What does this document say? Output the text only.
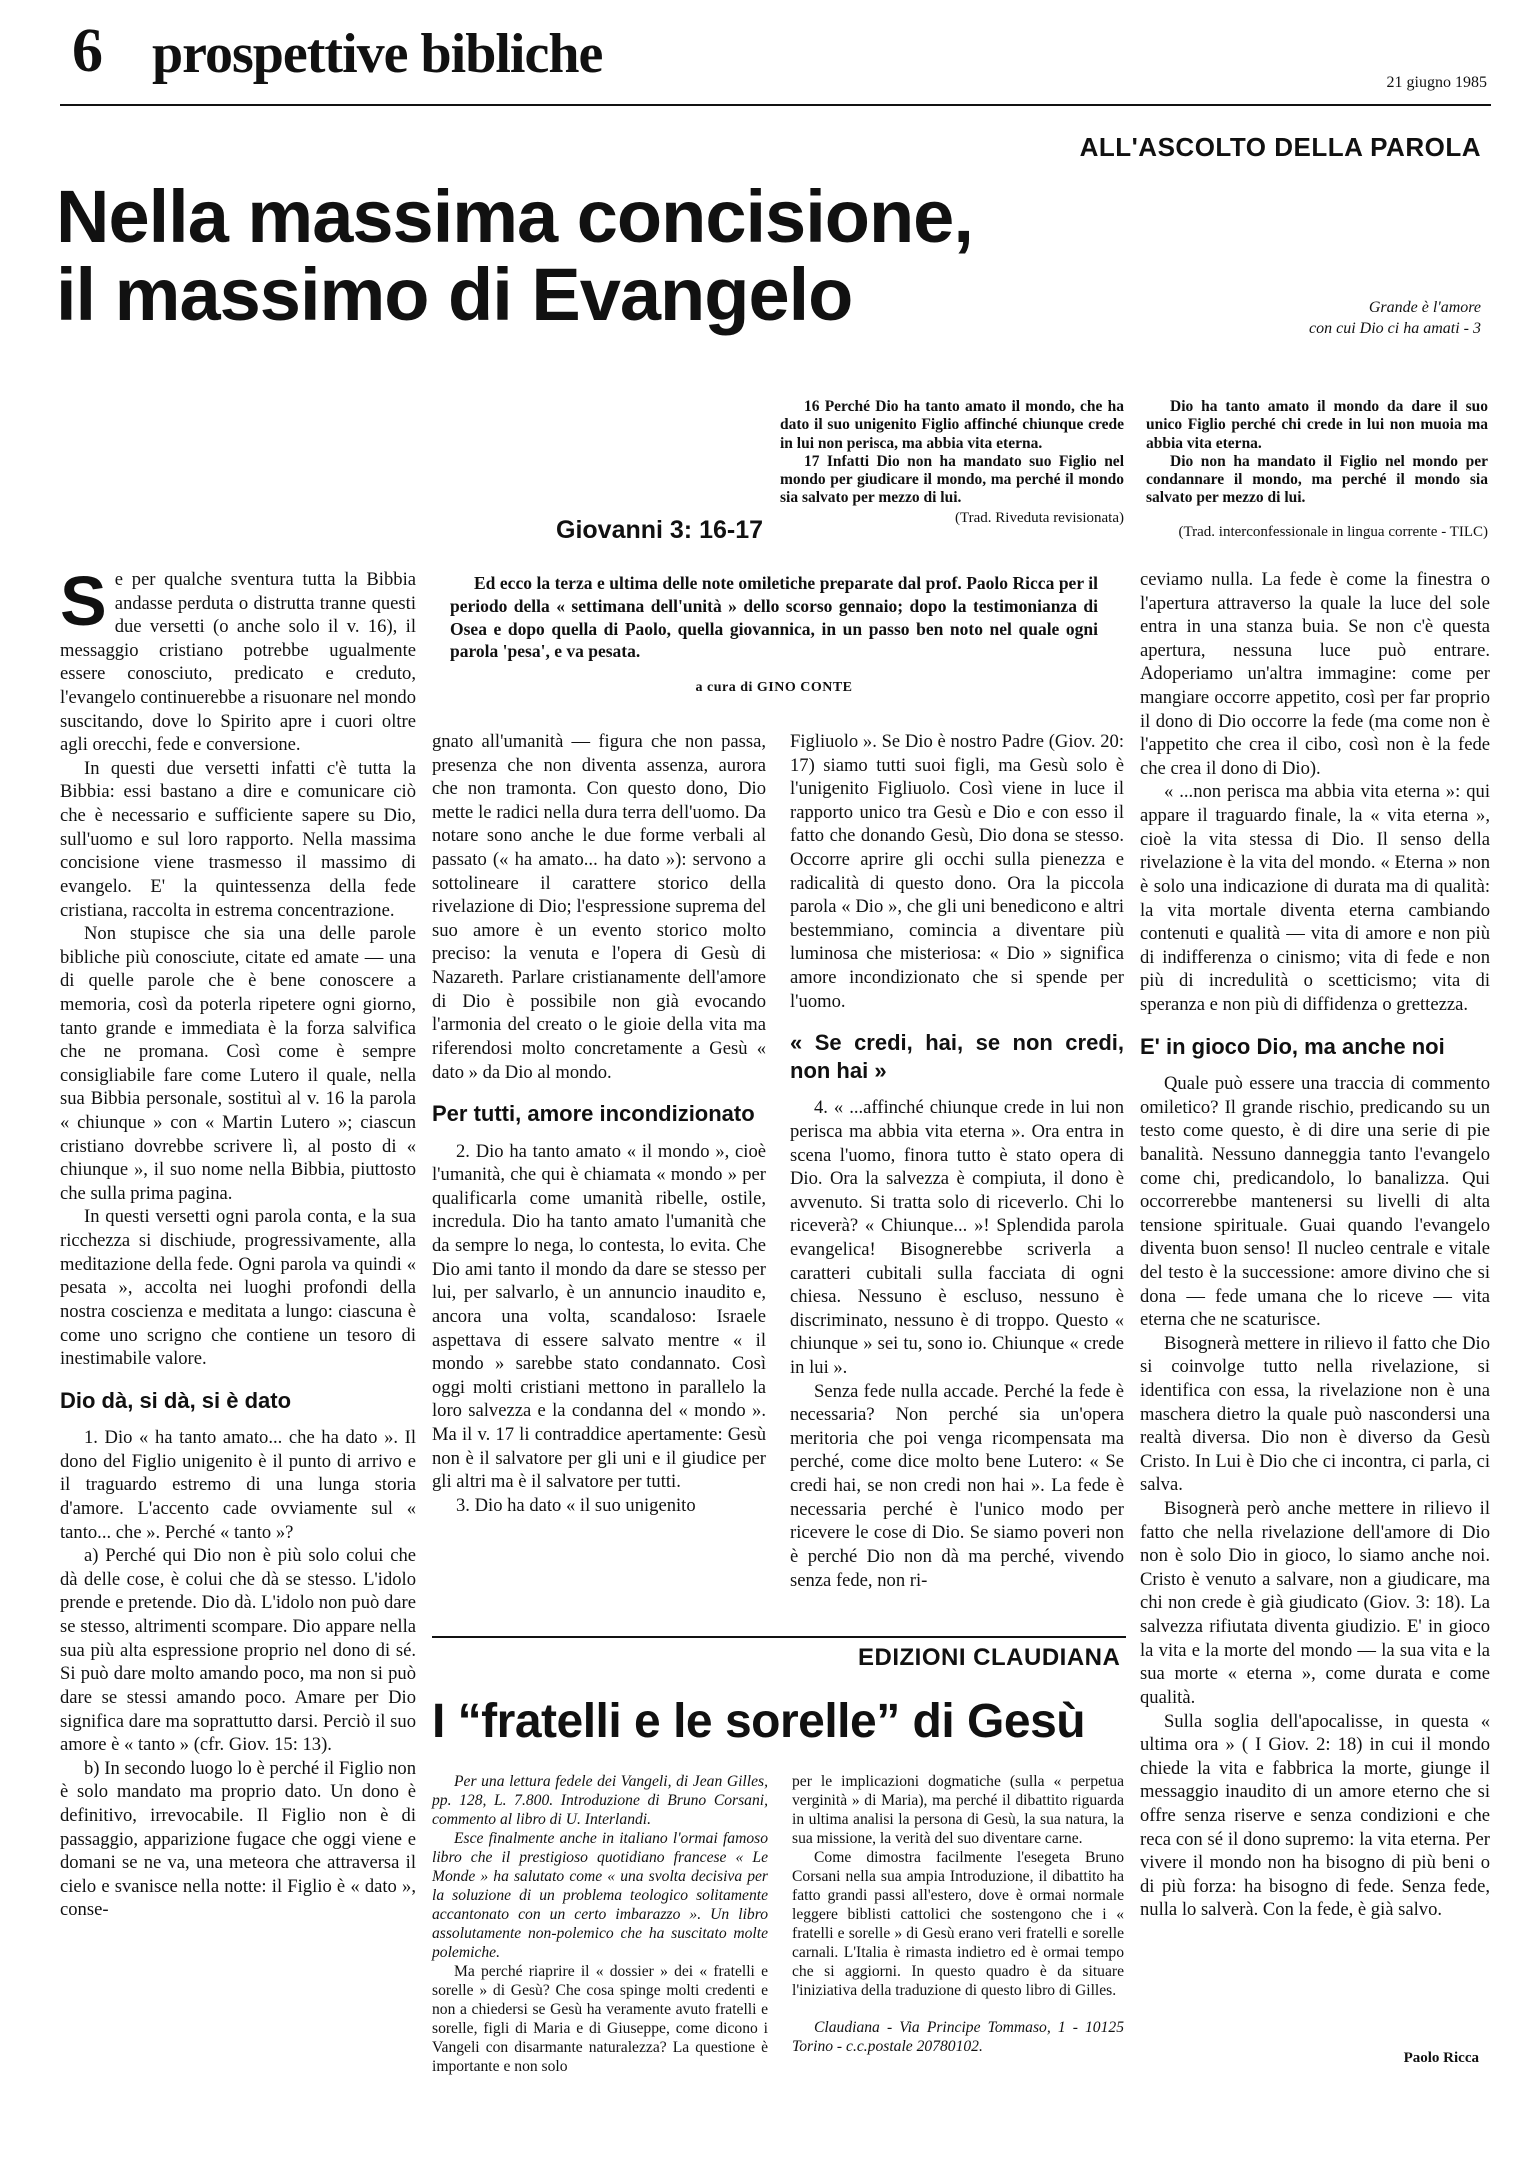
6 prospettive bibliche	21 giugno 1985
ALL'ASCOLTO DELLA PAROLA
Nella massima concisione,
il massimo di Evangelo	Grande è l'amore
con cui Dio ci ha amati - 3

16 Perché Dio ha tanto amato il mondo, che ha dato il suo unigenito Figlio affinché chiunque crede in lui non perisca, ma abbia vita eterna.

17 Infatti Dio non ha mandato suo Figlio nel mondo per giudicare il mondo, ma perché il mondo sia salvato per mezzo di lui.

(Trad. Riveduta revisionata)

Dio ha tanto amato il mondo da dare il suo unico Figlio perché chi crede in lui non muoia ma abbia vita eterna.

Dio non ha mandato il Figlio nel mondo per condannare il mondo, ma perché il mondo sia salvato per mezzo di lui.

(Trad. interconfessionale in lingua corrente - TILC)

Giovanni 3: 16-17

Ed ecco la terza e ultima delle note omiletiche preparate dal prof. Paolo Ricca per il periodo della « settimana dell'unità » dello scorso gennaio; dopo la testimonianza di Osea e dopo quella di Paolo, quella giovannica, in un passo ben noto nel quale ogni parola 'pesa', e va pesata.

a cura di GINO CONTE

Se per qualche sventura tutta la Bibbia andasse perduta o distrutta tranne questi due versetti (o anche solo il v. 16), il messaggio cristiano potrebbe ugualmente essere conosciuto, predicato e creduto, l'evangelo continuerebbe a risuonare nel mondo suscitando, dove lo Spirito apre i cuori oltre agli orecchi, fede e conversione.

In questi due versetti infatti c'è tutta la Bibbia: essi bastano a dire e comunicare ciò che è necessario e sufficiente sapere su Dio, sull'uomo e sul loro rapporto. Nella massima concisione viene trasmesso il massimo di evangelo. E' la quintessenza della fede cristiana, raccolta in estrema concentrazione.

Non stupisce che sia una delle parole bibliche più conosciute, citate ed amate — una di quelle parole che è bene conoscere a memoria, così da poterla ripetere ogni giorno, tanto grande e immediata è la forza salvifica che ne promana. Così come è sempre consigliabile fare come Lutero il quale, nella sua Bibbia personale, sostituì al v. 16 la parola « chiunque » con « Martin Lutero »; ciascun cristiano dovrebbe scrivere lì, al posto di « chiunque », il suo nome nella Bibbia, piuttosto che sulla prima pagina.

In questi versetti ogni parola conta, e la sua ricchezza si dischiude, progressivamente, alla meditazione della fede. Ogni parola va quindi « pesata », accolta nei luoghi profondi della nostra coscienza e meditata a lungo: ciascuna è come uno scrigno che contiene un tesoro di inestimabile valore.

Dio dà, si dà, si è dato

1. Dio « ha tanto amato... che ha dato ». Il dono del Figlio unigenito è il punto di arrivo e il traguardo estremo di una lunga storia d'amore. L'accento cade ovviamente sul « tanto... che ». Perché « tanto »?

a) Perché qui Dio non è più solo colui che dà delle cose, è colui che dà se stesso. L'idolo prende e pretende. Dio dà. L'idolo non può dare se stesso, altrimenti scompare. Dio appare nella sua più alta espressione proprio nel dono di sé. Si può dare molto amando poco, ma non si può dare se stessi amando poco. Amare per Dio significa dare ma soprattutto darsi. Perciò il suo amore è « tanto » (cfr. Giov. 15: 13).

b) In secondo luogo lo è perché il Figlio non è solo mandato ma proprio dato. Un dono è definitivo, irrevocabile. Il Figlio non è di passaggio, apparizione fugace che oggi viene e domani se ne va, una meteora che attraversa il cielo e svanisce nella notte: il Figlio è « dato », conse-

gnato all'umanità — figura che non passa, presenza che non diventa assenza, aurora che non tramonta. Con questo dono, Dio mette le radici nella dura terra dell'uomo. Da notare sono anche le due forme verbali al passato (« ha amato... ha dato »): servono a sottolineare il carattere storico della rivelazione di Dio; l'espressione suprema del suo amore è un evento storico molto preciso: la venuta e l'opera di Gesù di Nazareth. Parlare cristianamente dell'amore di Dio è possibile non già evocando l'armonia del creato o le gioie della vita ma riferendosi molto concretamente a Gesù « dato » da Dio al mondo.

Per tutti, amore incondizionato

2. Dio ha tanto amato « il mondo », cioè l'umanità, che qui è chiamata « mondo » per qualificarla come umanità ribelle, ostile, incredula. Dio ha tanto amato l'umanità che da sempre lo nega, lo contesta, lo evita. Che Dio ami tanto il mondo da dare se stesso per lui, per salvarlo, è un annuncio inaudito e, ancora una volta, scandaloso: Israele aspettava di essere salvato mentre « il mondo » sarebbe stato condannato. Così oggi molti cristiani mettono in parallelo la loro salvezza e la condanna del « mondo ». Ma il v. 17 li contraddice apertamente: Gesù non è il salvatore per gli uni e il giudice per gli altri ma è il salvatore per tutti.

3. Dio ha dato « il suo unigenito

Figliuolo ». Se Dio è nostro Padre (Giov. 20: 17) siamo tutti suoi figli, ma Gesù solo è l'unigenito Figliuolo. Così viene in luce il rapporto unico tra Gesù e Dio e con esso il fatto che donando Gesù, Dio dona se stesso. Occorre aprire gli occhi sulla pienezza e radicalità di questo dono. Ora la piccola parola « Dio », che gli uni benedicono e altri bestemmiano, comincia a diventare più luminosa che misteriosa: « Dio » significa amore incondizionato che si spende per l'uomo.

« Se credi, hai, se non credi, non hai »

4. « ...affinché chiunque crede in lui non perisca ma abbia vita eterna ». Ora entra in scena l'uomo, finora tutto è stato opera di Dio. Ora la salvezza è compiuta, il dono è avvenuto. Si tratta solo di riceverlo. Chi lo riceverà? « Chiunque... »! Splendida parola evangelica! Bisognerebbe scriverla a caratteri cubitali sulla facciata di ogni chiesa. Nessuno è escluso, nessuno è discriminato, nessuno è di troppo. Questo « chiunque » sei tu, sono io. Chiunque « crede in lui ».

Senza fede nulla accade. Perché la fede è necessaria? Non perché sia un'opera meritoria che poi venga ricompensata ma perché, come dice molto bene Lutero: « Se credi hai, se non credi non hai ». La fede è necessaria perché è l'unico modo per ricevere le cose di Dio. Se siamo poveri non è perché Dio non dà ma perché, vivendo senza fede, non ri-

ceviamo nulla. La fede è come la finestra o l'apertura attraverso la quale la luce del sole entra in una stanza buia. Se non c'è questa apertura, nessuna luce può entrare. Adoperiamo un'altra immagine: come per mangiare occorre appetito, così per far proprio il dono di Dio occorre la fede (ma come non è l'appetito che crea il cibo, così non è la fede che crea il dono di Dio).

« ...non perisca ma abbia vita eterna »: qui appare il traguardo finale, la « vita eterna », cioè la vita stessa di Dio. Il senso della rivelazione è la vita del mondo. « Eterna » non è solo una indicazione di durata ma di qualità: la vita mortale diventa eterna cambiando contenuti e qualità — vita di amore e non più di indifferenza o cinismo; vita di fede e non più di incredulità o scetticismo; vita di speranza e non più di diffidenza o grettezza.

E' in gioco Dio, ma anche noi

Quale può essere una traccia di commento omiletico? Il grande rischio, predicando su un testo come questo, è di dire una serie di pie banalità. Nessuno danneggia tanto l'evangelo come chi, predicandolo, lo banalizza. Qui occorrerebbe mantenersi su livelli di alta tensione spirituale. Guai quando l'evangelo diventa buon senso! Il nucleo centrale e vitale del testo è la successione: amore divino che si dona — fede umana che lo riceve — vita eterna che ne scaturisce.

Bisognerà mettere in rilievo il fatto che Dio si coinvolge tutto nella rivelazione, si identifica con essa, la rivelazione non è una maschera dietro la quale può nascondersi una realtà diversa. Dio non è diverso da Gesù Cristo. In Lui è Dio che ci incontra, ci parla, ci salva.

Bisognerà però anche mettere in rilievo il fatto che nella rivelazione dell'amore di Dio non è solo Dio in gioco, lo siamo anche noi. Cristo è venuto a salvare, non a giudicare, ma chi non crede è già giudicato (Giov. 3: 18). La salvezza rifiutata diventa giudizio. E' in gioco la vita e la morte del mondo — la sua vita e la sua morte « eterna », come durata e come qualità.

Sulla soglia dell'apocalisse, in questa « ultima ora » ( I Giov. 2: 18) in cui il mondo chiede la vita e fabbrica la morte, giunge il messaggio inaudito di un amore eterno che si offre senza riserve e senza condizioni e che reca con sé il dono supremo: la vita eterna. Per vivere il mondo non ha bisogno di più beni o di più forza: ha bisogno di fede. Senza fede, nulla lo salverà. Con la fede, è già salvo.

Paolo Ricca
EDIZIONI CLAUDIANA
I “fratelli e le sorelle” di Gesù

Per una lettura fedele dei Vangeli, di Jean Gilles, pp. 128, L. 7.800. Introduzione di Bruno Corsani, commento al libro di U. Interlandi.

Esce finalmente anche in italiano l'ormai famoso libro che il prestigioso quotidiano francese « Le Monde » ha salutato come « una svolta decisiva per la soluzione di un problema teologico solitamente accantonato con un certo imbarazzo ». Un libro assolutamente non-polemico che ha suscitato molte polemiche.

Ma perché riaprire il « dossier » dei « fratelli e sorelle » di Gesù? Che cosa spinge molti credenti e non a chiedersi se Gesù ha veramente avuto fratelli e sorelle, figli di Maria e di Giuseppe, come dicono i Vangeli con disarmante naturalezza? La questione è importante e non solo

per le implicazioni dogmatiche (sulla « perpetua verginità » di Maria), ma perché il dibattito riguarda in ultima analisi la persona di Gesù, la sua natura, la sua missione, la verità del suo diventare carne.

Come dimostra facilmente l'esegeta Bruno Corsani nella sua ampia Introduzione, il dibattito ha fatto grandi passi all'estero, dove è ormai normale leggere biblisti cattolici che sostengono che i « fratelli e sorelle » di Gesù erano veri fratelli e sorelle carnali. L'Italia è rimasta indietro ed è ormai tempo che si aggiorni. In questo quadro è da situare l'iniziativa della traduzione di questo libro di Gilles.

Claudiana - Via Principe Tommaso, 1 - 10125 Torino - c.c.postale 20780102.
